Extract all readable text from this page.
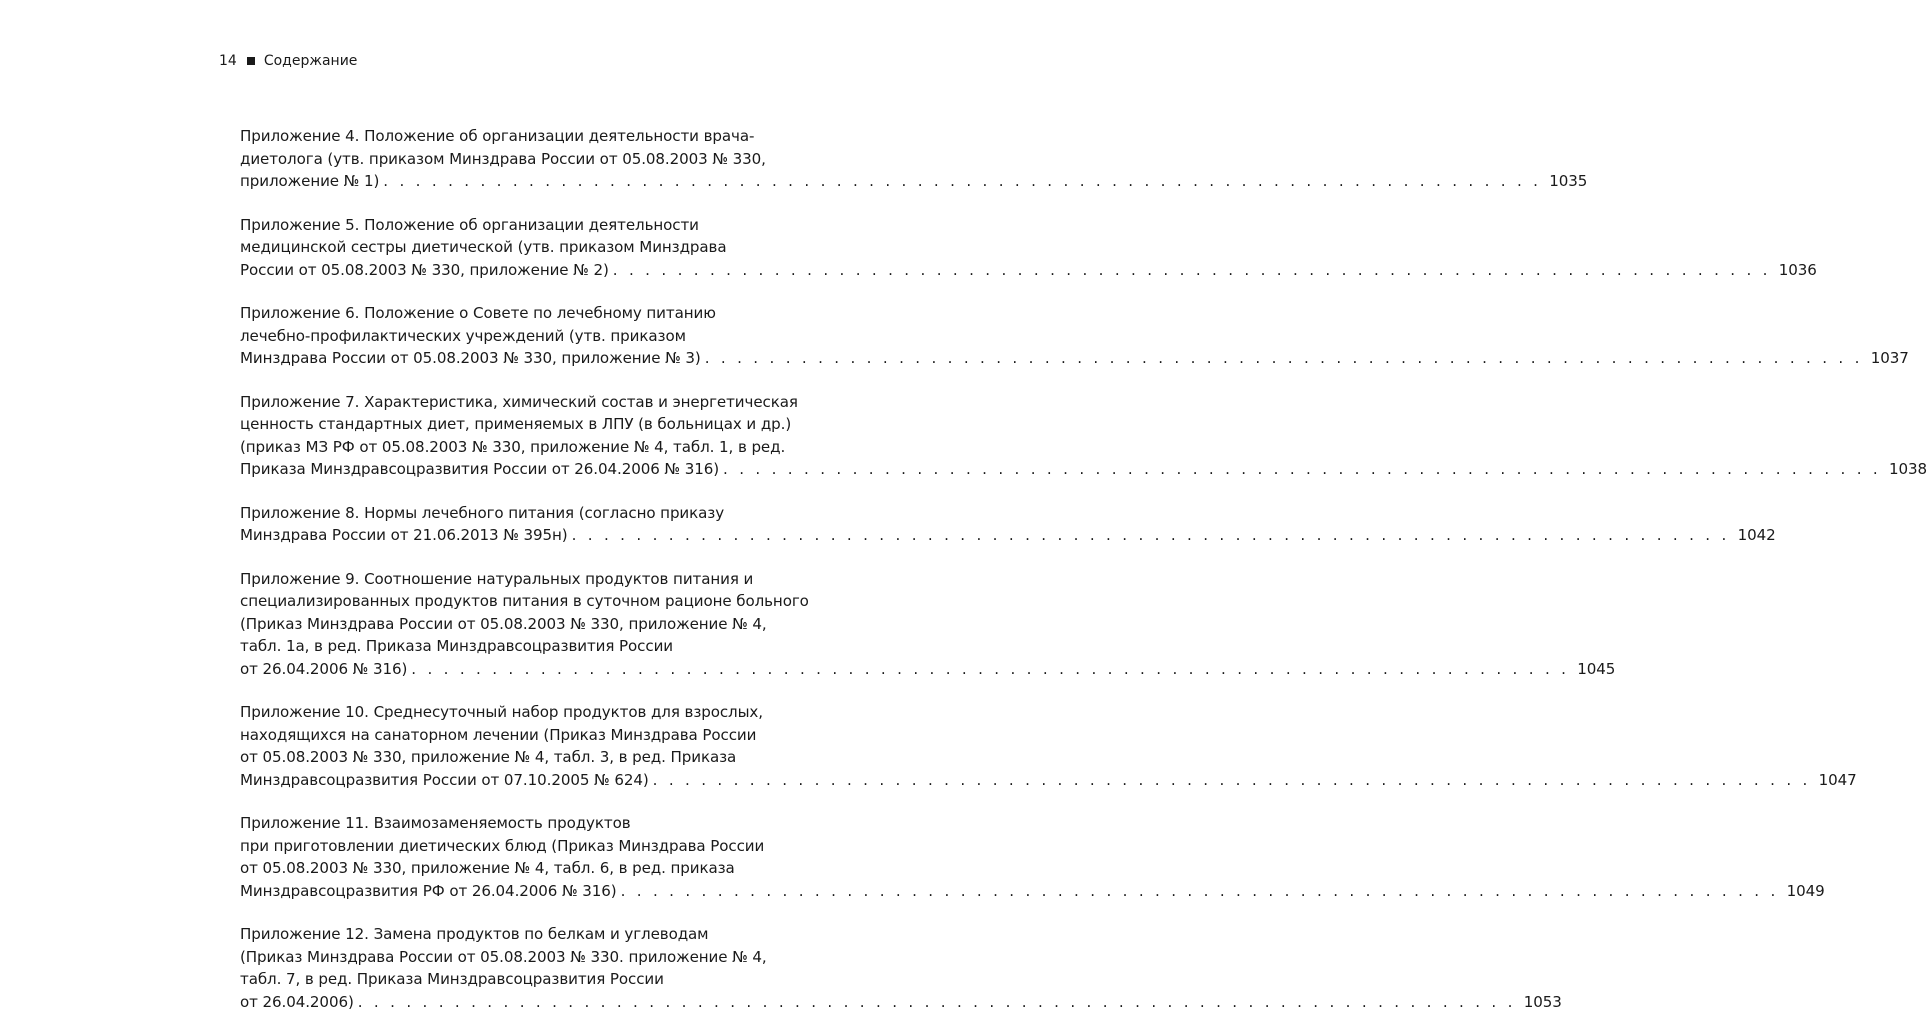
14 Содержание
Приложение 4. Положение об организации деятельности врача-
диетолога (утв. приказом Минздрава России от 05.08.2003 № 330,
приложение № 1) . . . . . . . . . . . . . . . . . . . . . . . . . . . . . . . . . . . . . . . . . . . . . . . . . . . . . . . . . . . . . . . . . . . . . . . . 1035
Приложение 5. Положение об организации деятельности
медицинской сестры диетической (утв. приказом Минздрава
России от 05.08.2003 № 330, приложение № 2) . . . . . . . . . . . . . . . . . . . . . . . . . . . . . . . . . . . . . . . . . . . . . . . . . . . . . . . . . . . . . . . . . . . . . . . . 1036
Приложение 6. Положение о Совете по лечебному питанию
лечебно-профилактических учреждений (утв. приказом
Минздрава России от 05.08.2003 № 330, приложение № 3) . . . . . . . . . . . . . . . . . . . . . . . . . . . . . . . . . . . . . . . . . . . . . . . . . . . . . . . . . . . . . . . . . . . . . . . . 1037
Приложение 7. Характеристика, химический состав и энергетическая
ценность стандартных диет, применяемых в ЛПУ (в больницах и др.)
(приказ МЗ РФ от 05.08.2003 № 330, приложение № 4, табл. 1, в ред.
Приказа Минздравсоцразвития России от 26.04.2006 № 316) . . . . . . . . . . . . . . . . . . . . . . . . . . . . . . . . . . . . . . . . . . . . . . . . . . . . . . . . . . . . . . . . . . . . . . . . 1038
Приложение 8. Нормы лечебного питания (согласно приказу
Минздрава России от 21.06.2013 № 395н) . . . . . . . . . . . . . . . . . . . . . . . . . . . . . . . . . . . . . . . . . . . . . . . . . . . . . . . . . . . . . . . . . . . . . . . . 1042
Приложение 9. Соотношение натуральных продуктов питания и
специализированных продуктов питания в суточном рационе больного
(Приказ Минздрава России от 05.08.2003 № 330, приложение № 4,
табл. 1а, в ред. Приказа Минздравсоцразвития России
от 26.04.2006 № 316) . . . . . . . . . . . . . . . . . . . . . . . . . . . . . . . . . . . . . . . . . . . . . . . . . . . . . . . . . . . . . . . . . . . . . . . . 1045
Приложение 10. Среднесуточный набор продуктов для взрослых,
находящихся на санаторном лечении (Приказ Минздрава России
от 05.08.2003 № 330, приложение № 4, табл. 3, в ред. Приказа
Минздравсоцразвития России от 07.10.2005 № 624) . . . . . . . . . . . . . . . . . . . . . . . . . . . . . . . . . . . . . . . . . . . . . . . . . . . . . . . . . . . . . . . . . . . . . . . . 1047
Приложение 11. Взаимозаменяемость продуктов
при приготовлении диетических блюд (Приказ Минздрава России
от 05.08.2003 № 330, приложение № 4, табл. 6, в ред. приказа
Минздравсоцразвития РФ от 26.04.2006 № 316) . . . . . . . . . . . . . . . . . . . . . . . . . . . . . . . . . . . . . . . . . . . . . . . . . . . . . . . . . . . . . . . . . . . . . . . . 1049
Приложение 12. Замена продуктов по белкам и углеводам
(Приказ Минздрава России от 05.08.2003 № 330. приложение № 4,
табл. 7, в ред. Приказа Минздравсоцразвития России
от 26.04.2006) . . . . . . . . . . . . . . . . . . . . . . . . . . . . . . . . . . . . . . . . . . . . . . . . . . . . . . . . . . . . . . . . . . . . . . . . 1053
